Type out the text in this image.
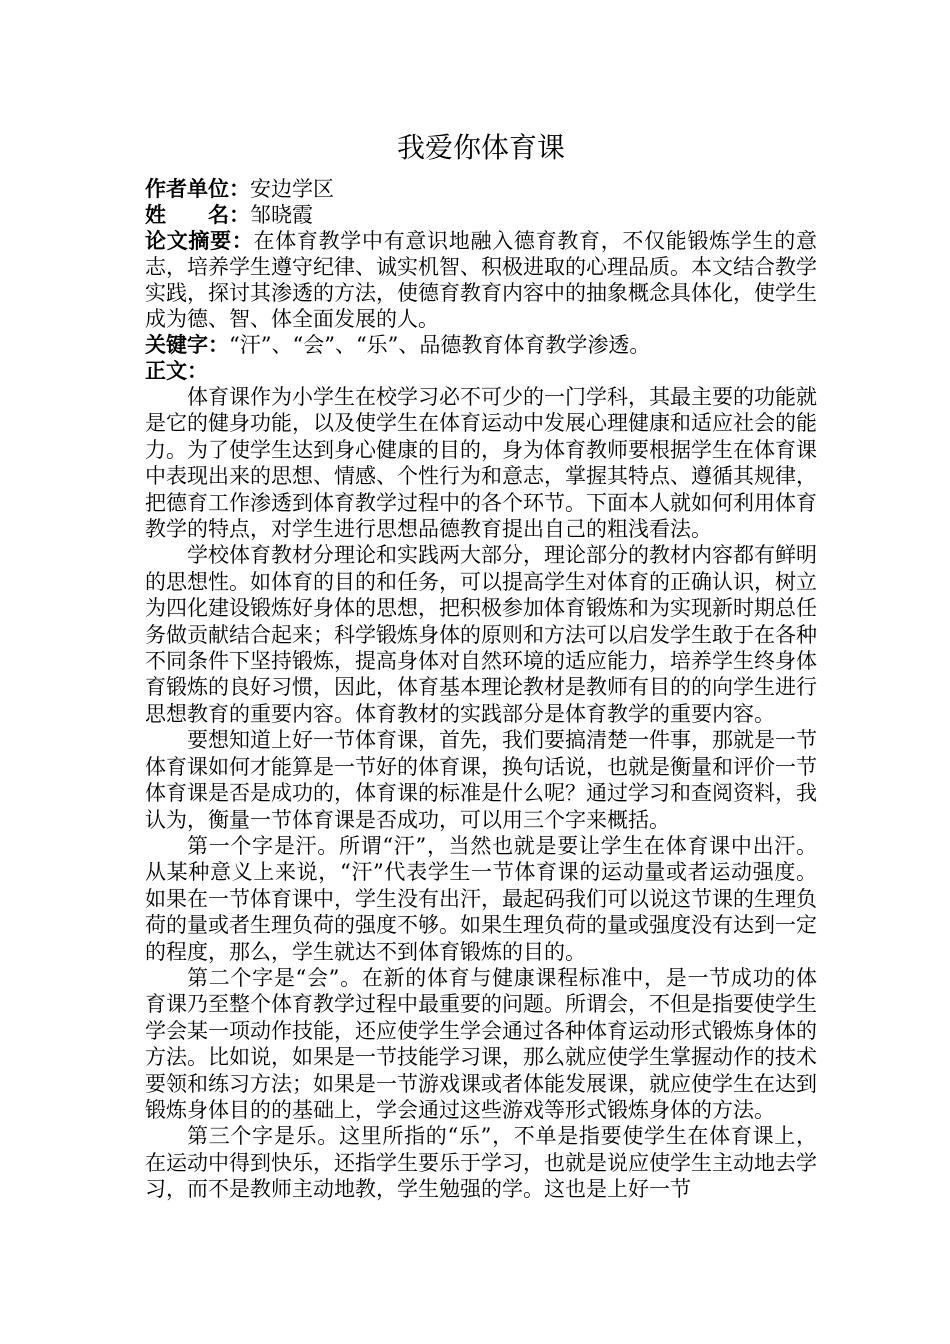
我爱你体育课

作者单位：安边学区

姓 名：邹晓霞

论文摘要：在体育教学中有意识地融入德育教育，不仅能锻炼学生的意志，培养学生遵守纪律、诚实机智、积极进取的心理品质。本文结合教学实践，探讨其渗透的方法，使德育教育内容中的抽象概念具体化，使学生成为德、智、体全面发展的人。

关键字：“汗”、“会”、“乐”、品德教育体育教学渗透。

正文：

体育课作为小学生在校学习必不可少的一门学科，其最主要的功能就是它的健身功能，以及使学生在体育运动中发展心理健康和适应社会的能力。为了使学生达到身心健康的目的，身为体育教师要根据学生在体育课中表现出来的思想、情感、个性行为和意志，掌握其特点、遵循其规律，把德育工作渗透到体育教学过程中的各个环节。下面本人就如何利用体育教学的特点，对学生进行思想品德教育提出自己的粗浅看法。

学校体育教材分理论和实践两大部分，理论部分的教材内容都有鲜明的思想性。如体育的目的和任务，可以提高学生对体育的正确认识，树立为四化建设锻炼好身体的思想，把积极参加体育锻炼和为实现新时期总任务做贡献结合起来；科学锻炼身体的原则和方法可以启发学生敢于在各种不同条件下坚持锻炼，提高身体对自然环境的适应能力，培养学生终身体育锻炼的良好习惯，因此，体育基本理论教材是教师有目的的向学生进行思想教育的重要内容。体育教材的实践部分是体育教学的重要内容。

要想知道上好一节体育课，首先，我们要搞清楚一件事，那就是一节体育课如何才能算是一节好的体育课，换句话说，也就是衡量和评价一节体育课是否是成功的，体育课的标准是什么呢？通过学习和查阅资料，我认为，衡量一节体育课是否成功，可以用三个字来概括。

第一个字是汗。所谓“汗”，当然也就是要让学生在体育课中出汗。从某种意义上来说，“汗”代表学生一节体育课的运动量或者运动强度。如果在一节体育课中，学生没有出汗，最起码我们可以说这节课的生理负荷的量或者生理负荷的强度不够。如果生理负荷的量或强度没有达到一定的程度，那么，学生就达不到体育锻炼的目的。

第二个字是“会”。在新的体育与健康课程标准中，是一节成功的体育课乃至整个体育教学过程中最重要的问题。所谓会，不但是指要使学生学会某一项动作技能，还应使学生学会通过各种体育运动形式锻炼身体的方法。比如说，如果是一节技能学习课，那么就应使学生掌握动作的技术要领和练习方法；如果是一节游戏课或者体能发展课，就应使学生在达到锻炼身体目的的基础上，学会通过这些游戏等形式锻炼身体的方法。

第三个字是乐。这里所指的“乐”，不单是指要使学生在体育课上，在运动中得到快乐，还指学生要乐于学习，也就是说应使学生主动地去学习，而不是教师主动地教，学生勉强的学。这也是上好一节
